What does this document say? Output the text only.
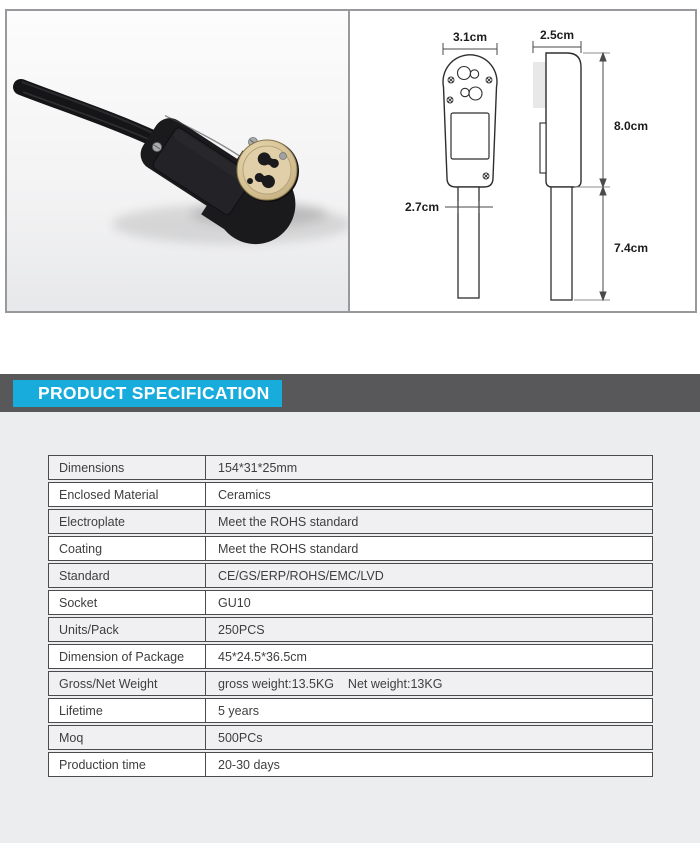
3.1cm
2.7cm
2.5cm
8.0cm
7.4cm
PRODUCT SPECIFICATION
Dimensions	154*31*25mm
Enclosed Material	Ceramics
Electroplate	Meet the ROHS standard
Coating	Meet the ROHS standard
Standard	CE/GS/ERP/ROHS/EMC/LVD
Socket	GU10
Units/Pack	250PCS
Dimension of Package	45*24.5*36.5cm
Gross/Net Weight	gross weight:13.5KG    Net weight:13KG
Lifetime	5 years
Moq	500PCs
Production time	20-30 days
